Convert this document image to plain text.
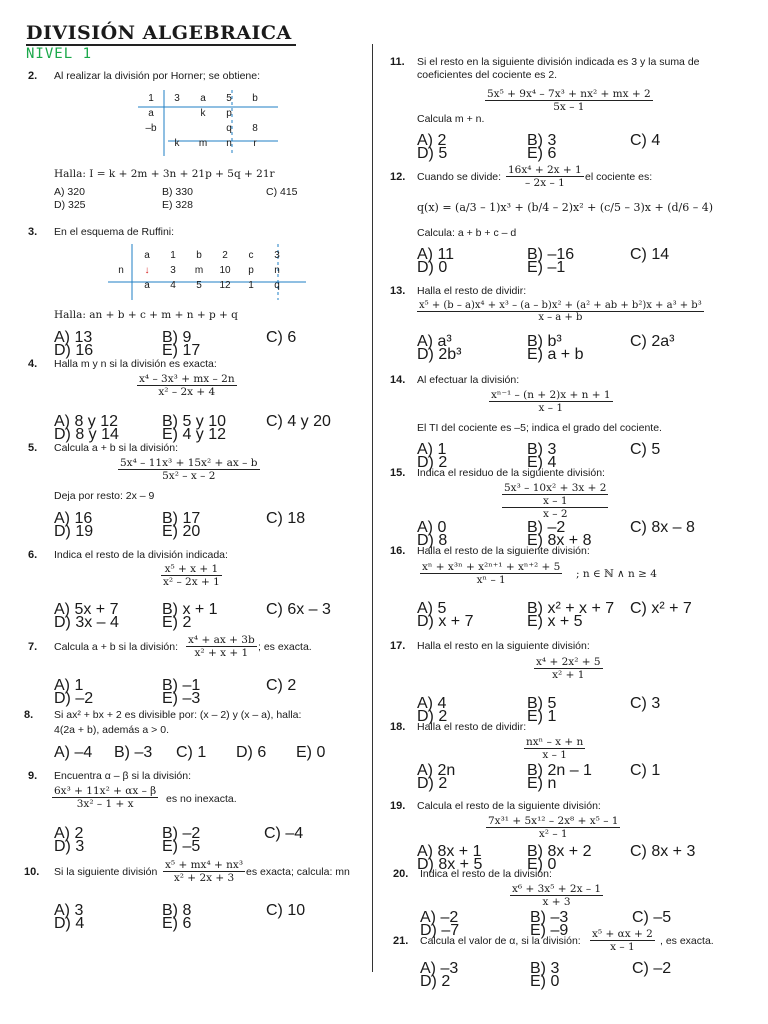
DIVISIÓN ALGEBRAICA
NIVEL 1
2. Al realizar la división por Horner; se obtiene:
1	3	a	5	b
a		k	p	
–b			q	8
	k	m	n	r
Halla: I = k + 2m + 3n + 21p + 5q + 21r
A) 320	B) 330	C) 415
D) 325	E) 328
3. En el esquema de Ruffini:
	a	1	b	2	c	3
n	↓	3	m	10	p	n
	a	4	5	12	1	q
Halla: an + b + c + m + n + p + q
A) 13	B) 9	C) 6
D) 16	E) 17
4. Halla m y n si la división es exacta:
$\frac{\text{x⁴ – 3x³ + mx – 2n}}{\text{x² – 2x + 4}}$
A) 8 y 12	B) 5 y 10 C) 4 y 20
D) 8 y 14	E) 4 y 12
5. Calcula a + b si la división:
$\frac{\text{5x⁴ – 11x³ + 15x² + ax – b}}{\text{5x² – x – 2}}$
Deja por resto: 2x – 9
A) 16	B) 17	C) 18
D) 19	E) 20
6. Indica el resto de la división indicada:
$\frac{\text{x⁵ + x + 1}}{\text{x² – 2x + 1}}$
A) 5x + 7	B) x + 1	C) 6x – 3
D) 3x – 4	E) 2
7. Calcula a + b si la división: $\frac{\text{x⁴ + ax + 3b}}{\text{x² + x + 1}}$ ; es exacta.
A) 1	B) –1	C) 2
D) –2	E) –3
8. Si ax² + bx + 2 es divisible por: (x – 2) y (x – a), halla:
4(2a + b), además a > 0.
A) –4 B) –3 C) 1 D) 6 E) 0
9. Encuentra α – β si la división:
$\frac{\text{6x³ + 11x² + αx – β}}{\text{3x² – 1 + x}}$ es no inexacta.
A) 2	B) –2	C) –4
D) 3	E) –5
10. Si la siguiente división $\frac{\text{x⁵ + mx⁴ + nx³}}{\text{x² + 2x + 3}}$ es exacta; calcula: mn
A) 3	B) 8	C) 10
D) 4	E) 6
11. Si el resto en la siguiente división indicada es 3 y la suma de
coeficientes del cociente es 2.
$\frac{\text{5x⁵ + 9x⁴ – 7x³ + nx² + mx + 2}}{5x - 1}$
Calcula m + n.
A) 2	B) 3	C) 4
D) 5	E) 6
12. Cuando se divide: $\frac{\text{16x⁴ + 2x + 1}}{- 2x - 1}$ el cociente es:
q(x) = (a/3 – 1)x³ + (b/4 – 2)x² + (c/5 – 3)x + (d/6 – 4)
Calcula: a + b + c – d
A) 11	B) –16	C) 14
D) 0	E) –1
13. Halla el resto de dividir:
$\frac{\text{x⁵ + (b – a)x⁴ + x³ – (a – b)x² + (a² + ab + b²)x + a³ + b³}}{x - a + b}$
A) a³	B) b³	C) 2a³
D) 2b³	E) a + b
14. Al efectuar la división:
$\frac{\text{xⁿ⁻¹ – (n + 2)x + n + 1}}{x - 1}$
El TI del cociente es –5; indica el grado del cociente.
A) 1	B) 3	C) 5
D) 2	E) 4
15. Indica el residuo de la siguiente división:
5x³ – 10x² + 3x + 2
x – 1
x – 2
A) 0	B) –2	C) 8x – 8
D) 8	E) 8x + 8
16. Halla el resto de la siguiente división:
$\frac{\text{xⁿ + x³ⁿ + x²ⁿ⁺¹ + xⁿ⁺² + 5}}{\text{xⁿ – 1}}$ ; n ∈ ℕ ∧ n ≥ 4
A) 5	B) x² + x + 7 C) x² + 7
D) x + 7	E) x + 5
17. Halla el resto en la siguiente división:
$\frac{\text{x⁴ + 2x² + 5}}{\text{x² + 1}}$
A) 4	B) 5	C) 3
D) 2	E) 1
18. Halla el resto de dividir:
nxⁿ – x + n
x – 1
A) 2n	B) 2n – 1 C) 1
D) 2	E) n
19. Calcula el resto de la siguiente división:
$\frac{\text{7x³¹ + 5x¹² – 2x⁸ + x⁵ – 1}}{\text{x² – 1}}$
A) 8x + 1	B) 8x + 2 C) 8x + 3
D) 8x + 5	E) 0
20. Indica el resto de la división:
$\frac{\text{x⁶ + 3x⁵ + 2x – 1}}{x + 3}$
A) –2	B) –3	C) –5
D) –7	E) –9
21. Calcula el valor de α, si la división: $\frac{\text{x⁵ + αx + 2}}{x - 1}$ , es exacta.
A) –3	B) 3	C) –2
D) 2	E) 0
